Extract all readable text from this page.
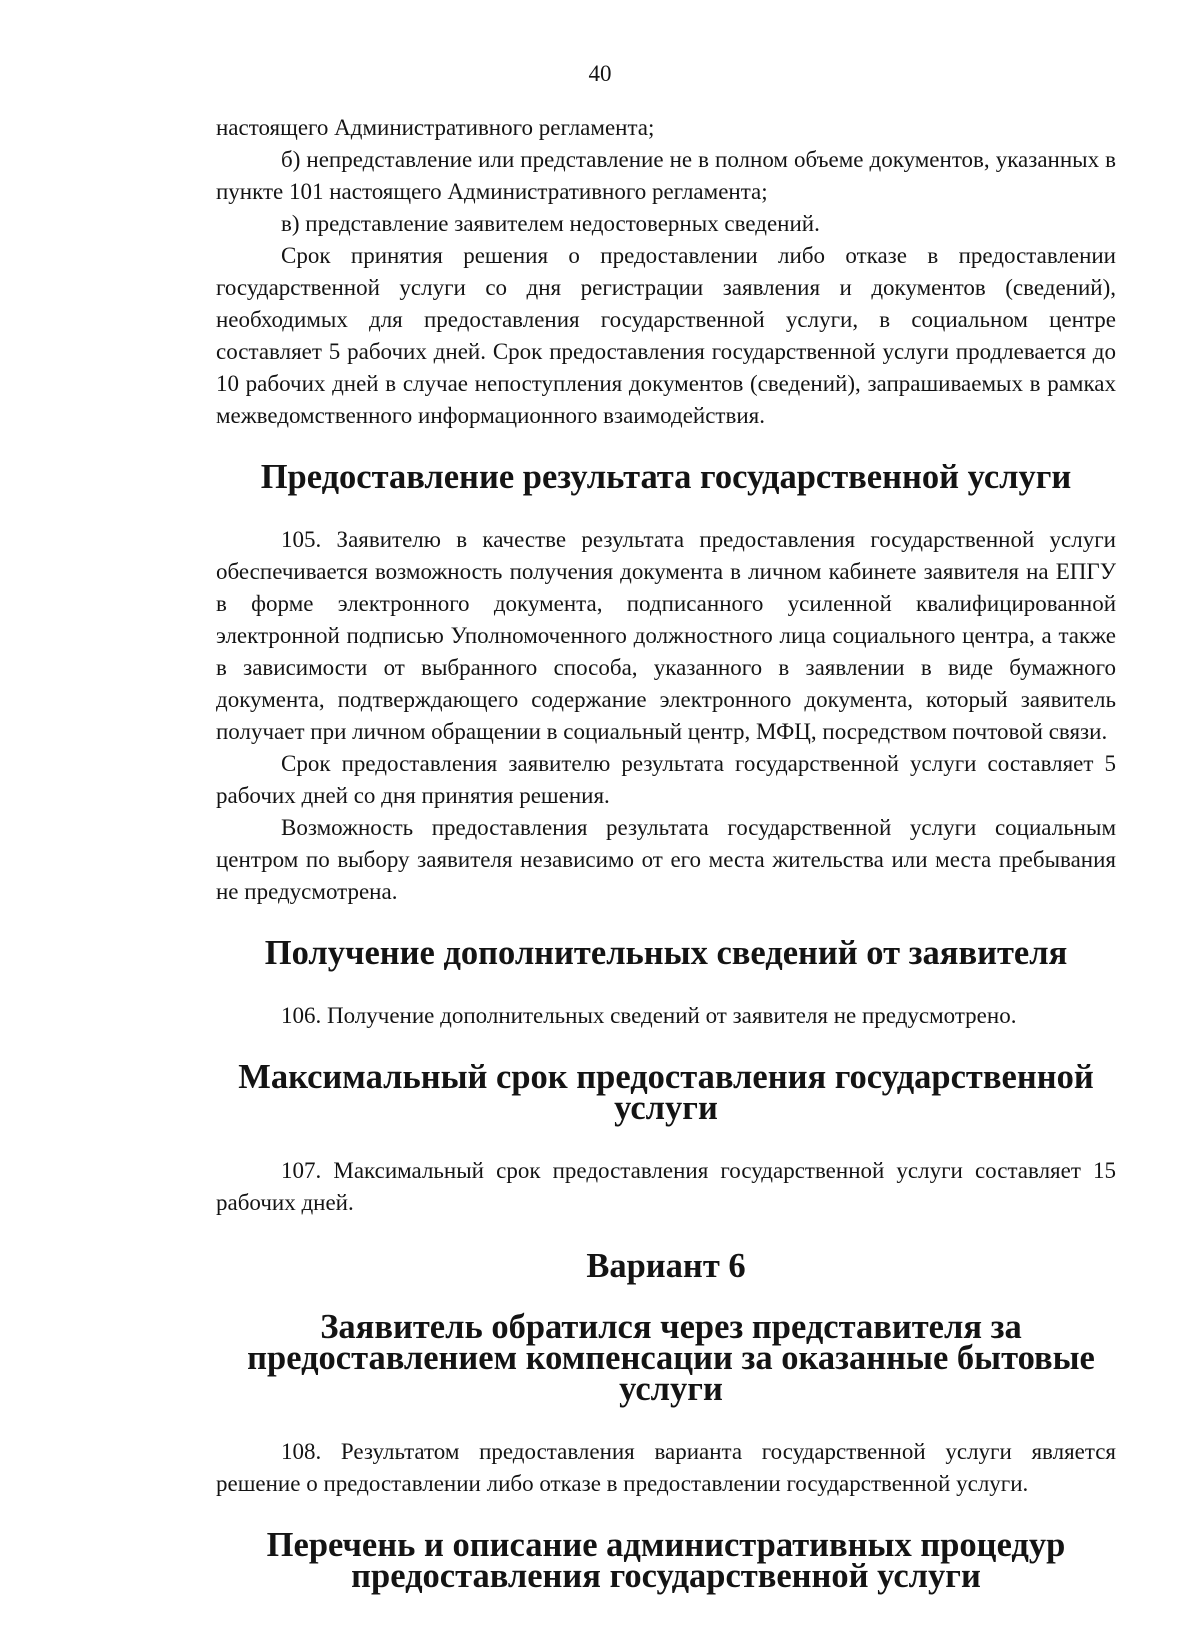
40

настоящего Административного регламента;

б) непредставление или представление не в полном объеме документов, указанных в пункте 101 настоящего Административного регламента;

в) представление заявителем недостоверных сведений.

Срок принятия решения о предоставлении либо отказе в предоставлении государственной услуги со дня регистрации заявления и документов (сведений), необходимых для предоставления государственной услуги, в социальном центре составляет 5 рабочих дней. Срок предоставления государственной услуги продлевается до 10 рабочих дней в случае непоступления документов (сведений), запрашиваемых в рамках межведомственного информационного взаимодействия.

Предоставление результата государственной услуги

105. Заявителю в качестве результата предоставления государственной услуги обеспечивается возможность получения документа в личном кабинете заявителя на ЕПГУ в форме электронного документа, подписанного усиленной квалифицированной электронной подписью Уполномоченного должностного лица социального центра, а также в зависимости от выбранного способа, указанного в заявлении в виде бумажного документа, подтверждающего содержание электронного документа, который заявитель получает при личном обращении в социальный центр, МФЦ, посредством почтовой связи.

Срок предоставления заявителю результата государственной услуги составляет 5 рабочих дней со дня принятия решения.

Возможность предоставления результата государственной услуги социальным центром по выбору заявителя независимо от его места жительства или места пребывания не предусмотрена.

Получение дополнительных сведений от заявителя

106. Получение дополнительных сведений от заявителя не предусмотрено.

Максимальный срок предоставления государственной услуги

107. Максимальный срок предоставления государственной услуги составляет 15 рабочих дней.

Вариант 6
Заявитель обратился через представителя за предоставлением компенсации за оказанные бытовые услуги

108. Результатом предоставления варианта государственной услуги является решение о предоставлении либо отказе в предоставлении государственной услуги.

Перечень и описание административных процедур предоставления государственной услуги
